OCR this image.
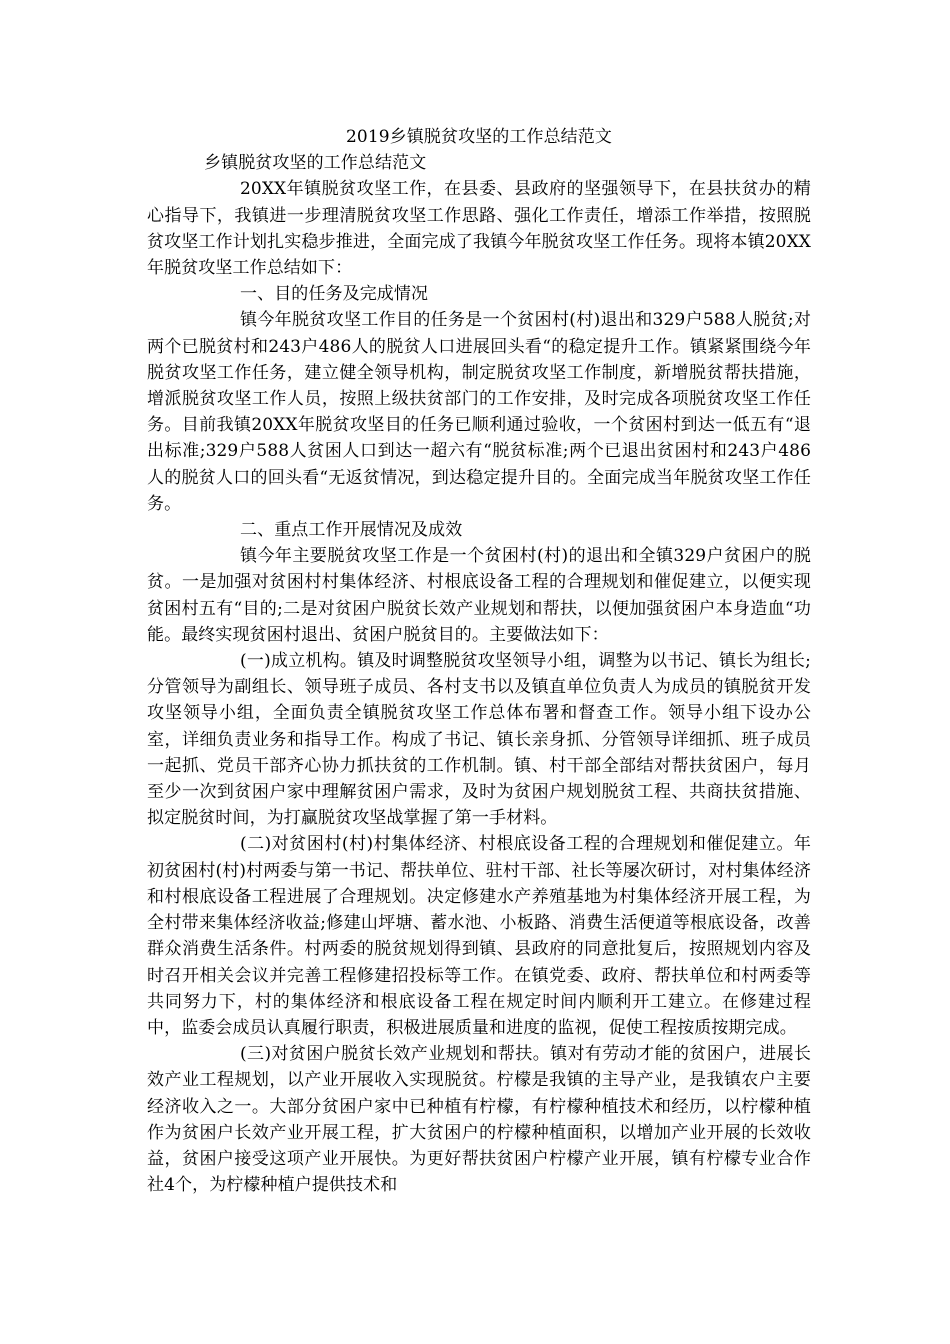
2019乡镇脱贫攻坚的工作总结范文

乡镇脱贫攻坚的工作总结范文

20XX年镇脱贫攻坚工作，在县委、县政府的坚强领导下，在县扶贫办的精心指导下，我镇进一步理清脱贫攻坚工作思路、强化工作责任，增添工作举措，按照脱贫攻坚工作计划扎实稳步推进，全面完成了我镇今年脱贫攻坚工作任务。现将本镇20XX年脱贫攻坚工作总结如下：

一、目的任务及完成情况

镇今年脱贫攻坚工作目的任务是一个贫困村(村)退出和329户588人脱贫;对两个已脱贫村和243户486人的脱贫人口进展回头看“的稳定提升工作。镇紧紧围绕今年脱贫攻坚工作任务，建立健全领导机构，制定脱贫攻坚工作制度，新增脱贫帮扶措施，增派脱贫攻坚工作人员，按照上级扶贫部门的工作安排，及时完成各项脱贫攻坚工作任务。目前我镇20XX年脱贫攻坚目的任务已顺利通过验收，一个贫困村到达一低五有“退出标准;329户588人贫困人口到达一超六有“脱贫标准;两个已退出贫困村和243户486人的脱贫人口的回头看“无返贫情况，到达稳定提升目的。全面完成当年脱贫攻坚工作任务。

二、重点工作开展情况及成效

镇今年主要脱贫攻坚工作是一个贫困村(村)的退出和全镇329户贫困户的脱贫。一是加强对贫困村村集体经济、村根底设备工程的合理规划和催促建立，以便实现贫困村五有“目的;二是对贫困户脱贫长效产业规划和帮扶，以便加强贫困户本身造血“功能。最终实现贫困村退出、贫困户脱贫目的。主要做法如下：

(一)成立机构。镇及时调整脱贫攻坚领导小组，调整为以书记、镇长为组长;分管领导为副组长、领导班子成员、各村支书以及镇直单位负责人为成员的镇脱贫开发攻坚领导小组，全面负责全镇脱贫攻坚工作总体布署和督查工作。领导小组下设办公室，详细负责业务和指导工作。构成了书记、镇长亲身抓、分管领导详细抓、班子成员一起抓、党员干部齐心协力抓扶贫的工作机制。镇、村干部全部结对帮扶贫困户，每月至少一次到贫困户家中理解贫困户需求，及时为贫困户规划脱贫工程、共商扶贫措施、拟定脱贫时间，为打赢脱贫攻坚战掌握了第一手材料。

(二)对贫困村(村)村集体经济、村根底设备工程的合理规划和催促建立。年初贫困村(村)村两委与第一书记、帮扶单位、驻村干部、社长等屡次研讨，对村集体经济和村根底设备工程进展了合理规划。决定修建水产养殖基地为村集体经济开展工程，为全村带来集体经济收益;修建山坪塘、蓄水池、小板路、消费生活便道等根底设备，改善群众消费生活条件。村两委的脱贫规划得到镇、县政府的同意批复后，按照规划内容及时召开相关会议并完善工程修建招投标等工作。在镇党委、政府、帮扶单位和村两委等共同努力下，村的集体经济和根底设备工程在规定时间内顺利开工建立。在修建过程中，监委会成员认真履行职责，积极进展质量和进度的监视，促使工程按质按期完成。

(三)对贫困户脱贫长效产业规划和帮扶。镇对有劳动才能的贫困户，进展长效产业工程规划，以产业开展收入实现脱贫。柠檬是我镇的主导产业，是我镇农户主要经济收入之一。大部分贫困户家中已种植有柠檬，有柠檬种植技术和经历，以柠檬种植作为贫困户长效产业开展工程，扩大贫困户的柠檬种植面积，以增加产业开展的长效收益，贫困户接受这项产业开展快。为更好帮扶贫困户柠檬产业开展，镇有柠檬专业合作社4个，为柠檬种植户提供技术和
